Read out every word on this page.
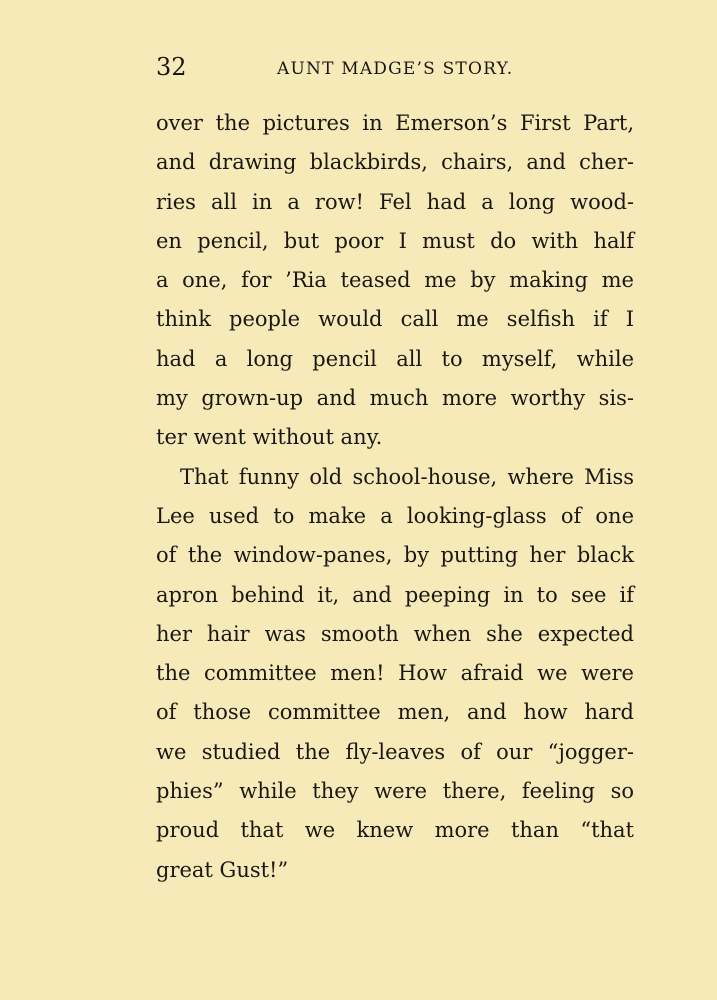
32	AUNT MADGE’S STORY.
over the pictures in Emerson’s First Part,
and drawing blackbirds, chairs, and cher-
ries all in a row! Fel had a long wood-
en pencil, but poor I must do with half
a one, for ’Ria teased me by making me
think people would call me selfish if I
had a long pencil all to myself, while
my grown-up and much more worthy sis-
ter went without any.
That funny old school-house, where Miss
Lee used to make a looking-glass of one
of the window-panes, by putting her black
apron behind it, and peeping in to see if
her hair was smooth when she expected
the committee men! How afraid we were
of those committee men, and how hard
we studied the fly-leaves of our “jogger-
phies” while they were there, feeling so
proud that we knew more than “that
great Gust!”
